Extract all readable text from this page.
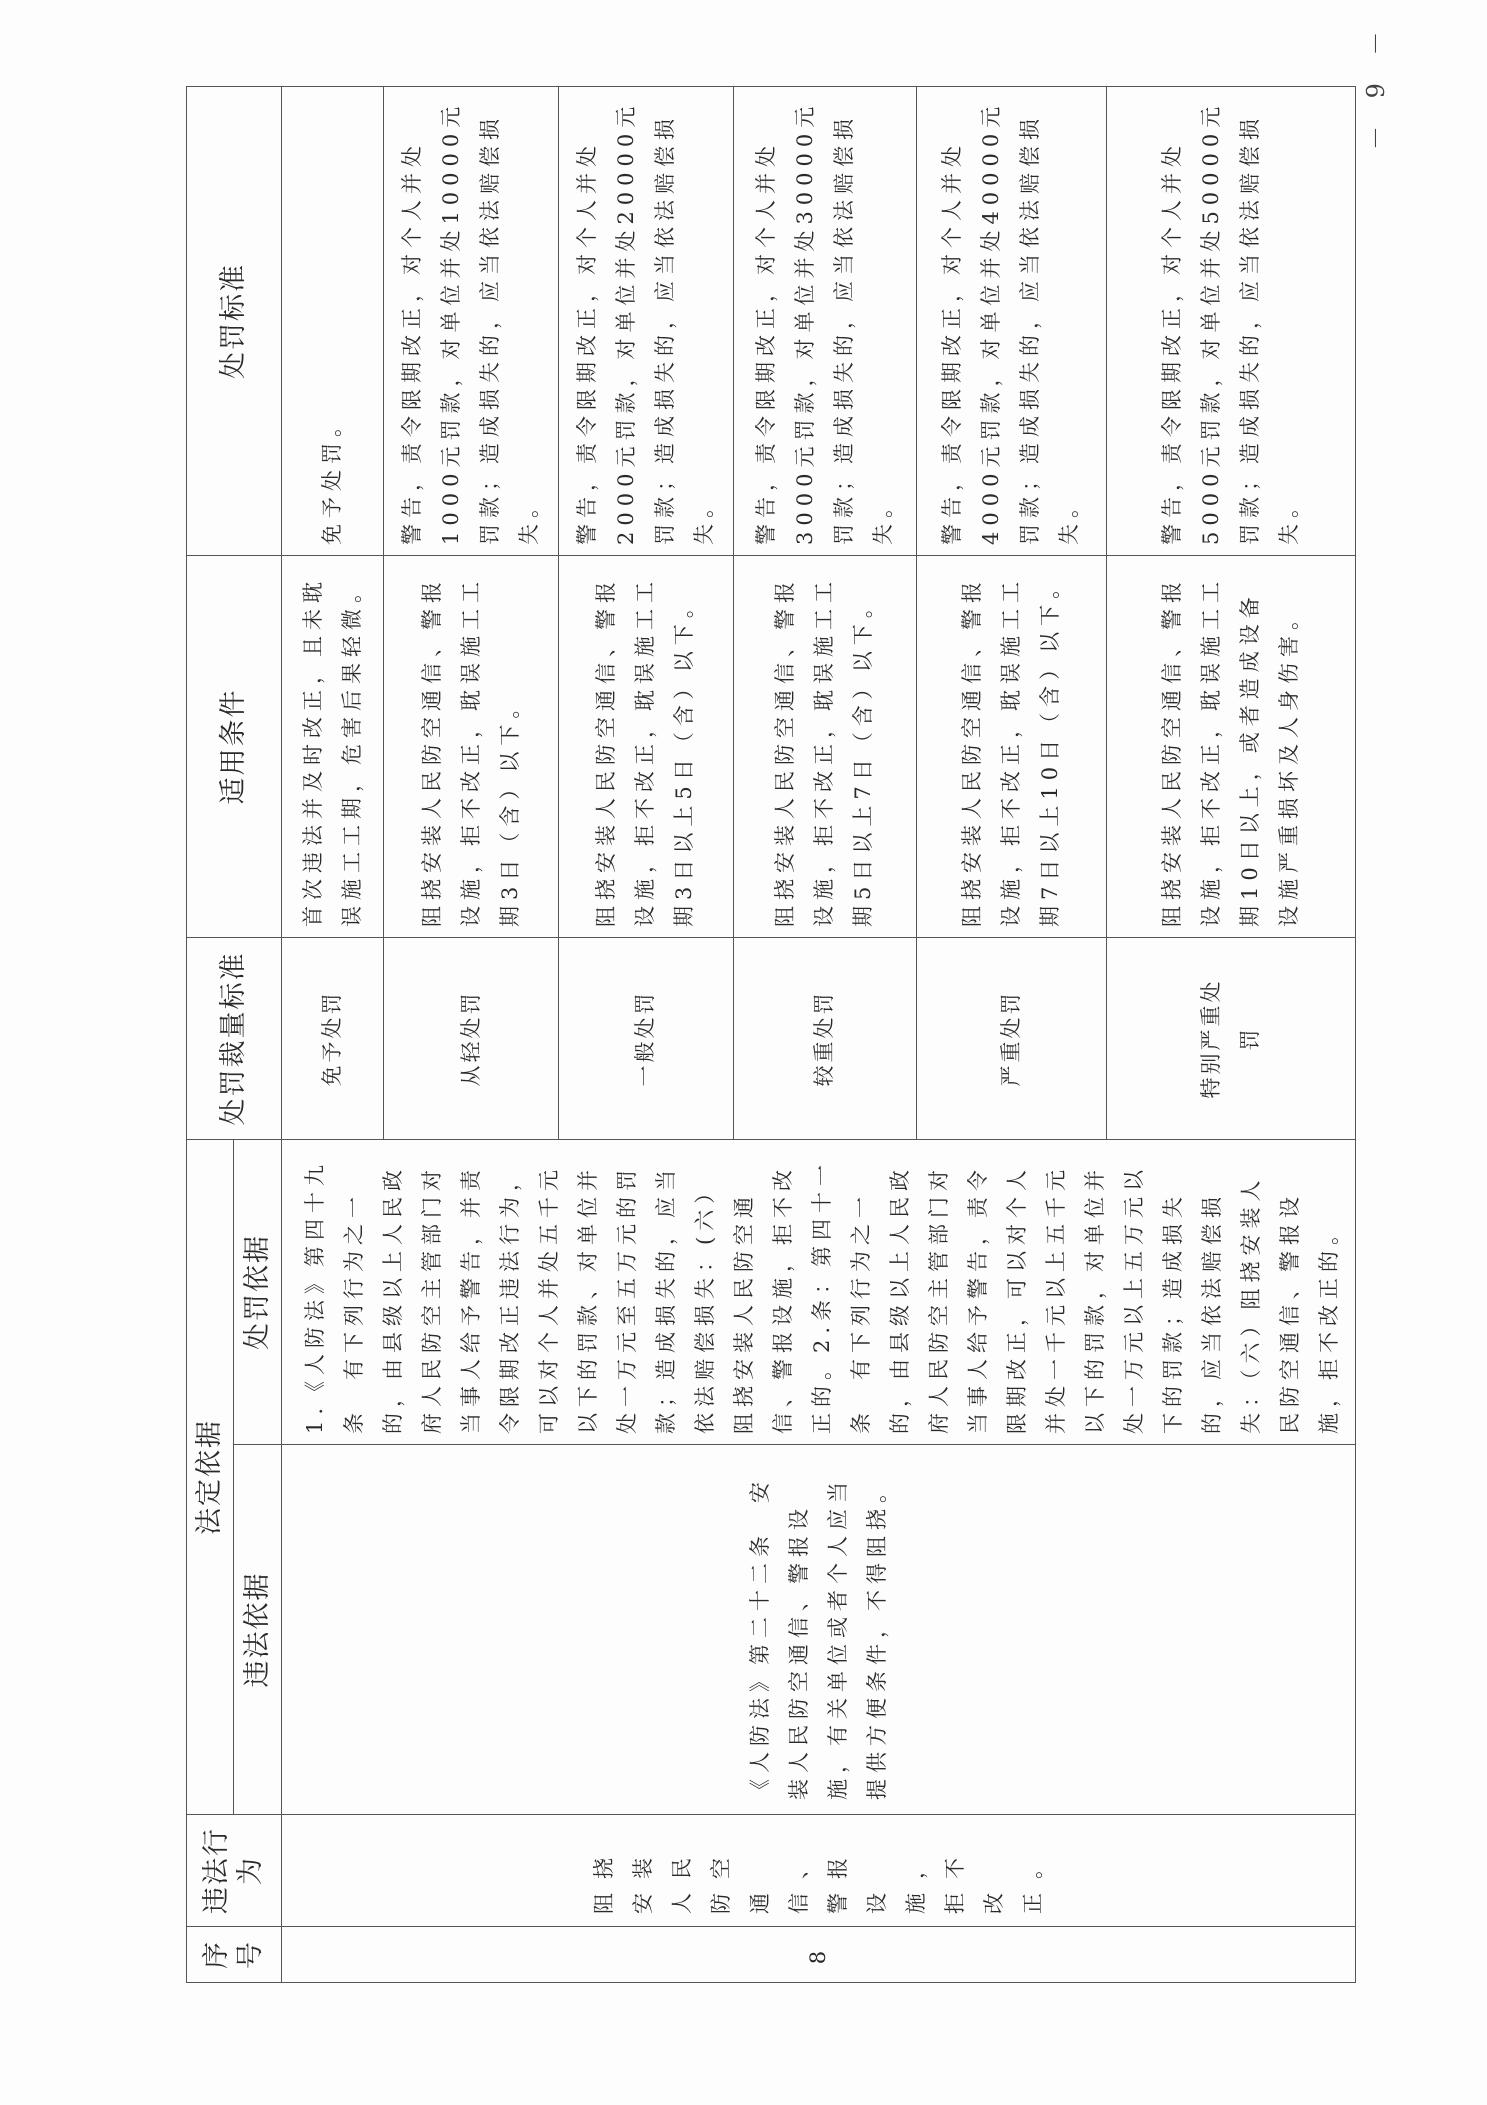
序号	违法行为	法定依据		处罚裁量标准	适用条件	处罚标准
		违法依据	处罚依据			
8	阻挠安装人民防空通信、警报设施，拒不改正。	《人防法》第二十二条　安装人民防空通信、警报设施，有关单位或者个人应当提供方便条件，不得阻挠。	1.《人防法》第四十九条　有下列行为之一的，由县级以上人民政府人民防空主管部门对当事人给予警告，并责令限期改正违法行为，可以对个人并处五千元以下的罚款、对单位并处一万元至五万元的罚款；造成损失的，应当依法赔偿损失：(六）阻挠安装人民防空通信、警报设施，拒不改正的。2.条：第四十一条　有下列行为之一的，由县级以上人民政府人民防空主管部门对当事人给予警告，责令限期改正，可以对个人并处一千元以上五千元以下的罚款，对单位并处一万元以上五万元以下的罚款；造成损失的，应当依法赔偿损失：（六）阻挠安装人民防空通信、警报设施，拒不改正的。	免予处罚	首次违法并及时改正，且未耽误施工工期，危害后果轻微。	免予处罚。
				从轻处罚	阻挠安装人民防空通信、警报设施，拒不改正，耽误施工工期3日（含）以下。	警告，责令限期改正，对个人并处1000元罚款，对单位并处10000元罚款；造成损失的，应当依法赔偿损失。
				一般处罚	阻挠安装人民防空通信、警报设施，拒不改正，耽误施工工期3日以上5日（含）以下。	警告，责令限期改正，对个人并处2000元罚款，对单位并处20000元罚款；造成损失的，应当依法赔偿损失。
				较重处罚	阻挠安装人民防空通信、警报设施，拒不改正，耽误施工工期5日以上7日（含）以下。	警告，责令限期改正，对个人并处3000元罚款，对单位并处30000元罚款；造成损失的，应当依法赔偿损失。
				严重处罚	阻挠安装人民防空通信、警报设施，拒不改正，耽误施工工期7日以上10日（含）以下。	警告，责令限期改正，对个人并处4000元罚款，对单位并处40000元罚款；造成损失的，应当依法赔偿损失。
				特别严重处罚	阻挠安装人民防空通信、警报设施，拒不改正，耽误施工工期10日以上，或者造成设备设施严重损坏及人身伤害。	警告，责令限期改正，对个人并处5000元罚款，对单位并处50000元罚款；造成损失的，应当依法赔偿损失。
－ 9 －
